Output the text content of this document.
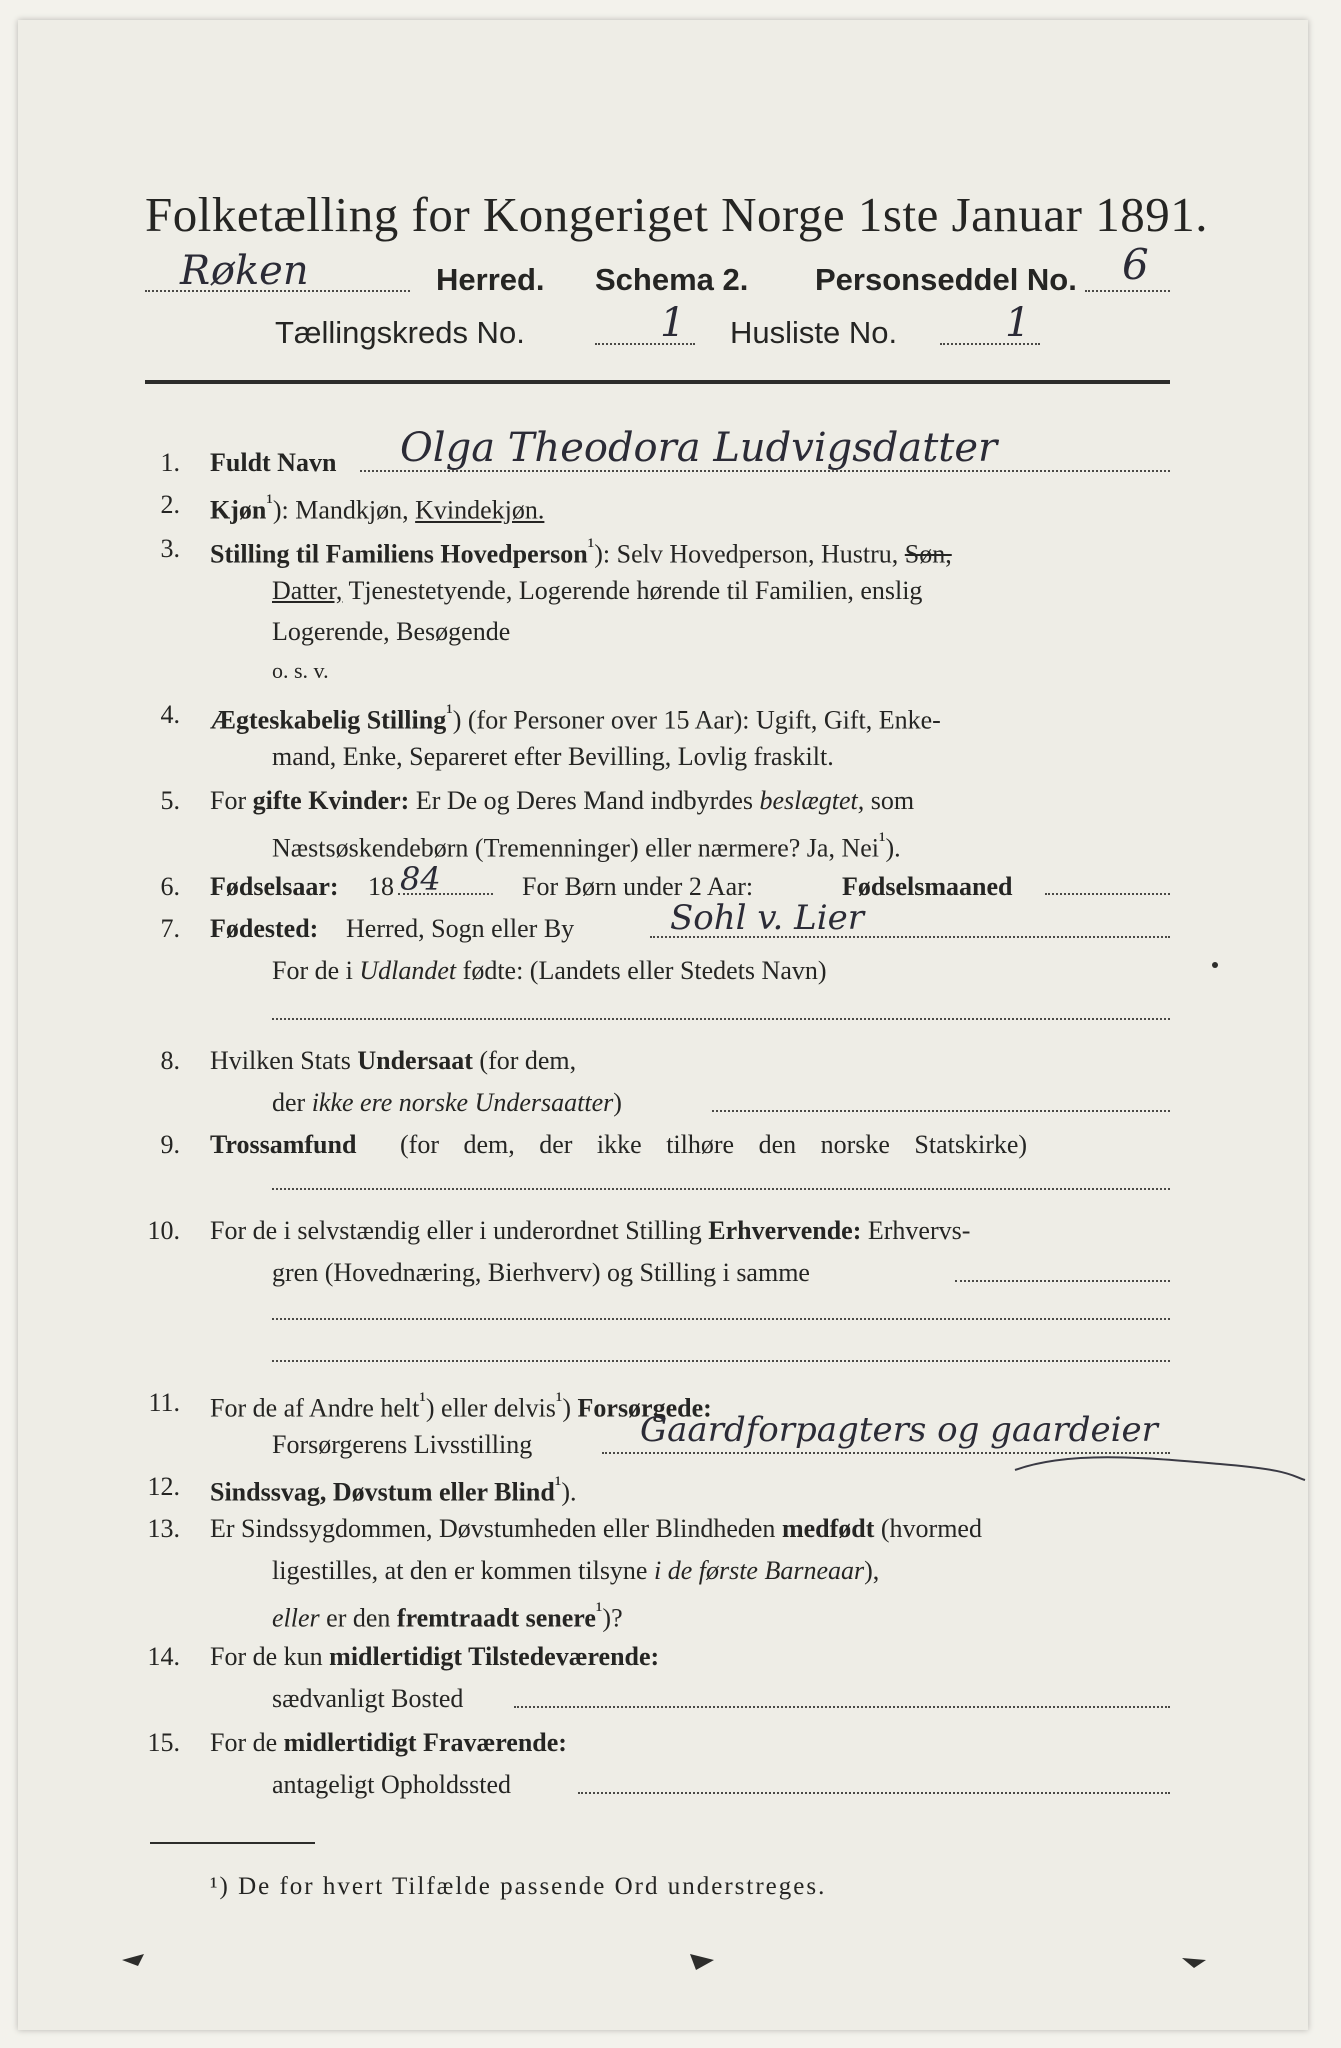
Folketælling for Kongeriget Norge 1ste Januar 1891.
Røken	Herred. Schema 2. Personseddel No. 6
Tællingskreds No.	1 Husliste No.	1
1. Fuldt Navn Olga Theodora Ludvigsdatter
2. Kjøn$^{^1}$): Mandkjøn, Kvindekjøn.
3. Stilling til Familiens Hovedperson$^{^1}$): Selv Hovedperson, Hustru, Søn,
Datter, Tjenestetyende, Logerende hørende til Familien, enslig
Logerende, Besøgende
o. s. v.
4. Ægteskabelig Stilling$^{^1}$) (for Personer over 15 Aar): Ugift, Gift, Enke-
mand, Enke, Separeret efter Bevilling, Lovlig fraskilt.
5. For gifte Kvinder: Er De og Deres Mand indbyrdes beslægtet, som
Næstsøskendebørn (Tremenninger) eller nærmere? Ja, Nei$^{^1}$).
6. Fødselsaar: 18 84	For Børn under 2 Aar:	Fødselsmaaned
7. Fødested: Herred, Sogn eller By	Sohl v. Lier
For de i Udlandet fødte: (Landets eller Stedets Navn)
8. Hvilken Stats Undersaat (for dem,
der ikke ere norske Undersaatter)
9. Trossamfund (for dem, der ikke tilhøre den norske Statskirke)
10. For de i selvstændig eller i underordnet Stilling Erhvervende: Erhvervs-
gren (Hovednæring, Bierhverv) og Stilling i samme
11. For de af Andre helt$^{^1}$) eller delvis$^{^1}$) Forsørgede:
Forsørgerens Livsstilling	Gaardforpagters og gaardeier
12. Sindssvag, Døvstum eller Blind$^{^1}$).
13. Er Sindssygdommen, Døvstumheden eller Blindheden medfødt (hvormed
ligestilles, at den er kommen tilsyne i de første Barneaar),
eller er den fremtraadt senere$^{^1}$)?
14. For de kun midlertidigt Tilstedeværende:
sædvanligt Bosted
15. For de midlertidigt Fraværende:
antageligt Opholdssted
¹) De for hvert Tilfælde passende Ord understreges.
